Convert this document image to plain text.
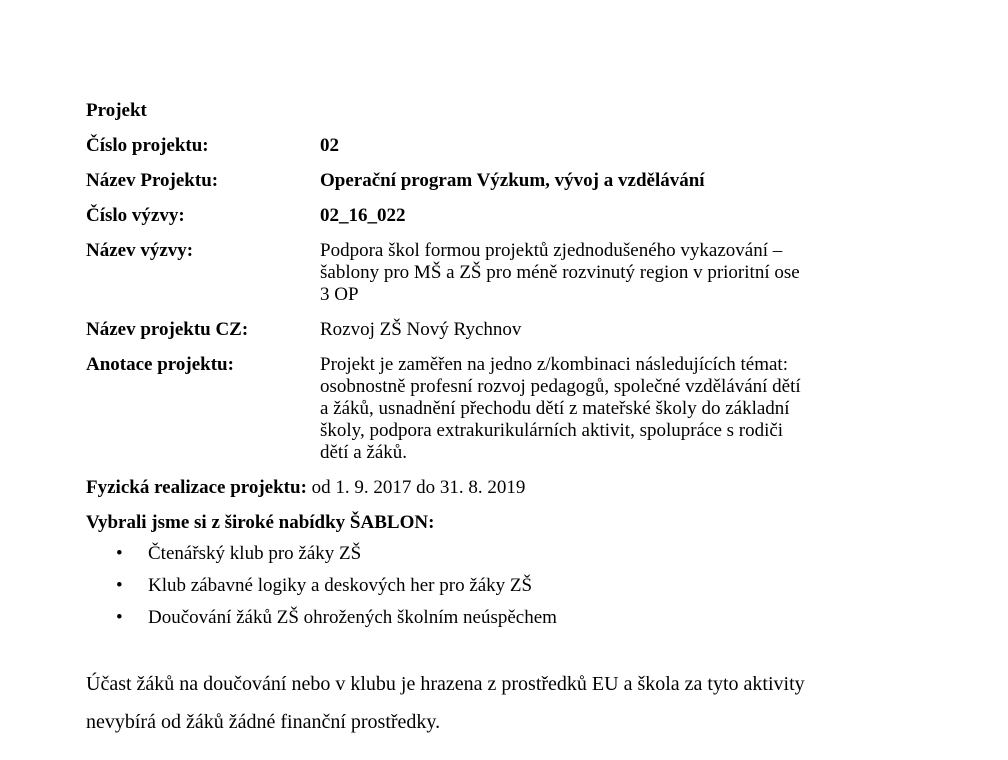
Projekt
Číslo projektu:	02
Název Projektu:	Operační program Výzkum, vývoj a vzdělávání
Číslo výzvy:	02_16_022
Název výzvy:	Podpora škol formou projektů zjednodušeného vykazování –
šablony pro MŠ a ZŠ pro méně rozvinutý region v prioritní ose
3 OP
Název projektu CZ:	Rozvoj ZŠ Nový Rychnov
Anotace projektu:	Projekt je zaměřen na jedno z/kombinaci následujících témat:
osobnostně profesní rozvoj pedagogů, společné vzdělávání dětí
a žáků, usnadnění přechodu dětí z mateřské školy do základní
školy, podpora extrakurikulárních aktivit, spolupráce s rodiči
dětí a žáků.
Fyzická realizace projektu: od 1. 9. 2017 do 31. 8. 2019
Vybrali jsme si z široké nabídky ŠABLON:
• Čtenářský klub pro žáky ZŠ
• Klub zábavné logiky a deskových her pro žáky ZŠ
• Doučování žáků ZŠ ohrožených školním neúspěchem
Účast žáků na doučování nebo v klubu je hrazena z prostředků EU a škola za tyto aktivity nevybírá od žáků žádné finanční prostředky.
